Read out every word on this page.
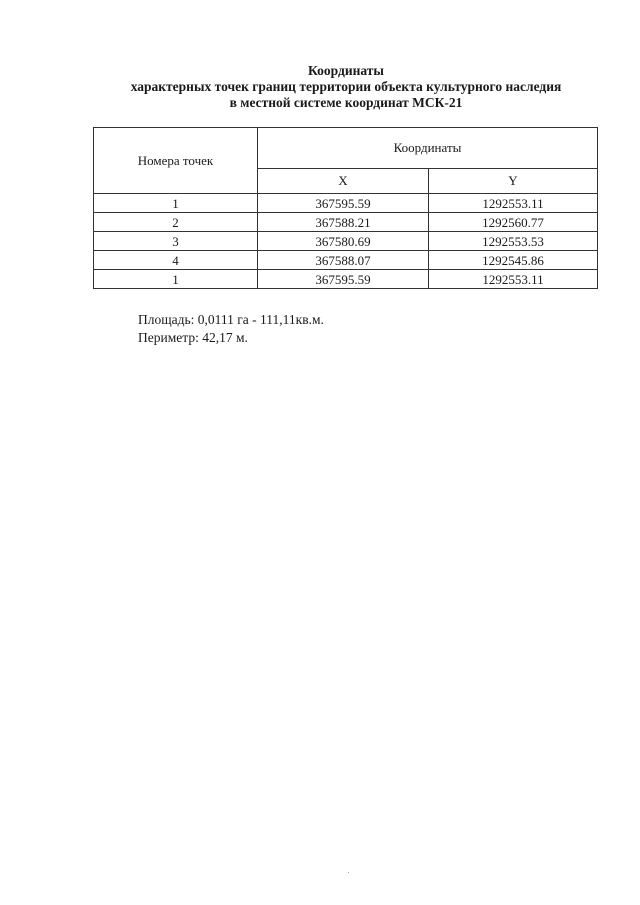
Координаты
характерных точек границ территории объекта культурного наследия
в местной системе координат МСК-21
Номера точек	Координаты	
	X	Y
1	367595.59	1292553.11
2	367588.21	1292560.77
3	367580.69	1292553.53
4	367588.07	1292545.86
1	367595.59	1292553.11
Площадь: 0,0111 га - 111,11кв.м.
Периметр: 42,17 м.
